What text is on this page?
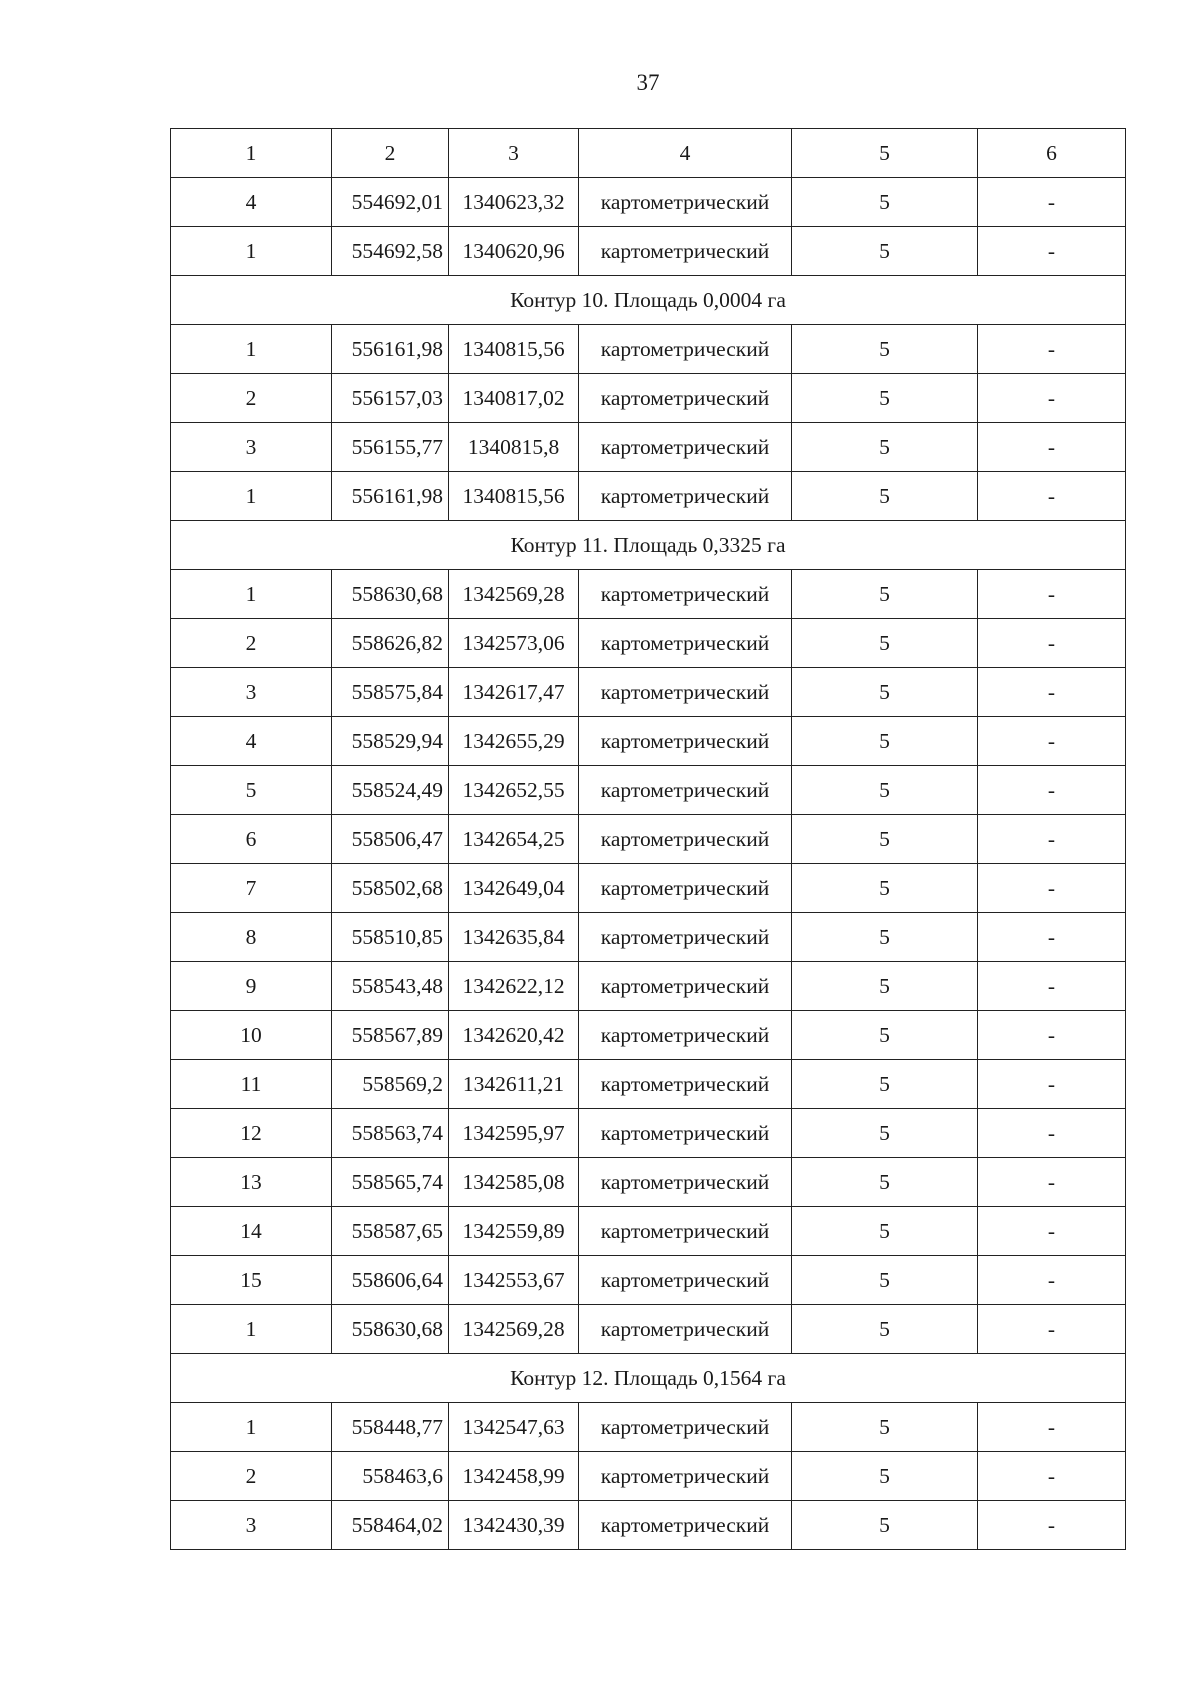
37
1	2	3	4	5	6
4	554692,01	1340623,32	картометрический	5	-
1	554692,58	1340620,96	картометрический	5	-
Контур 10. Площадь 0,0004 га					
1	556161,98	1340815,56	картометрический	5	-
2	556157,03	1340817,02	картометрический	5	-
3	556155,77	1340815,8	картометрический	5	-
1	556161,98	1340815,56	картометрический	5	-
Контур 11. Площадь 0,3325 га					
1	558630,68	1342569,28	картометрический	5	-
2	558626,82	1342573,06	картометрический	5	-
3	558575,84	1342617,47	картометрический	5	-
4	558529,94	1342655,29	картометрический	5	-
5	558524,49	1342652,55	картометрический	5	-
6	558506,47	1342654,25	картометрический	5	-
7	558502,68	1342649,04	картометрический	5	-
8	558510,85	1342635,84	картометрический	5	-
9	558543,48	1342622,12	картометрический	5	-
10	558567,89	1342620,42	картометрический	5	-
11	558569,2	1342611,21	картометрический	5	-
12	558563,74	1342595,97	картометрический	5	-
13	558565,74	1342585,08	картометрический	5	-
14	558587,65	1342559,89	картометрический	5	-
15	558606,64	1342553,67	картометрический	5	-
1	558630,68	1342569,28	картометрический	5	-
Контур 12. Площадь 0,1564 га					
1	558448,77	1342547,63	картометрический	5	-
2	558463,6	1342458,99	картометрический	5	-
3	558464,02	1342430,39	картометрический	5	-
